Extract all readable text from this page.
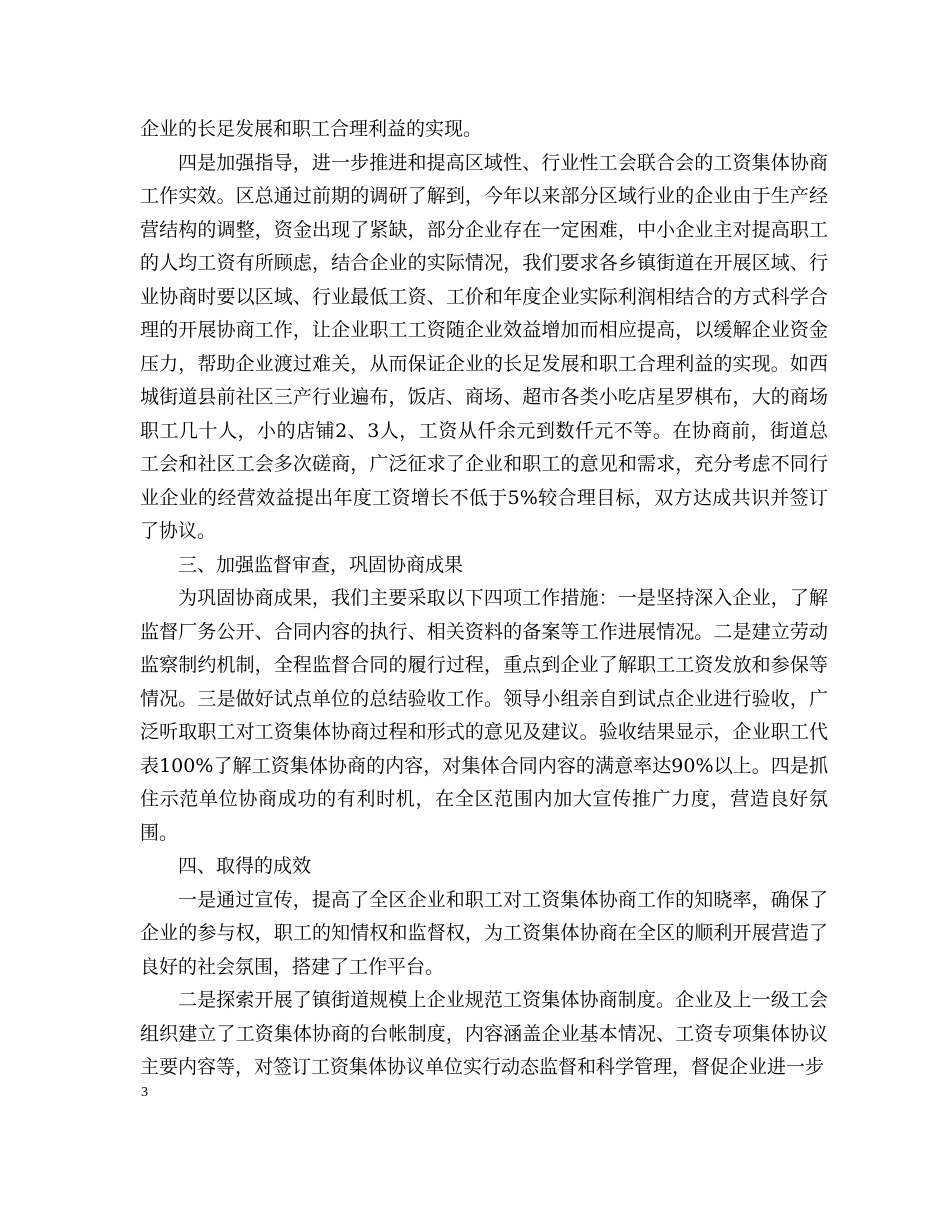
企业的长足发展和职工合理利益的实现。

四是加强指导，进一步推进和提高区域性、行业性工会联合会的工资集体协商工作实效。区总通过前期的调研了解到，今年以来部分区域行业的企业由于生产经营结构的调整，资金出现了紧缺，部分企业存在一定困难，中小企业主对提高职工的人均工资有所顾虑，结合企业的实际情况，我们要求各乡镇街道在开展区域、行业协商时要以区域、行业最低工资、工价和年度企业实际利润相结合的方式科学合理的开展协商工作，让企业职工工资随企业效益增加而相应提高，以缓解企业资金压力，帮助企业渡过难关，从而保证企业的长足发展和职工合理利益的实现。如西城街道县前社区三产行业遍布，饭店、商场、超市各类小吃店星罗棋布，大的商场职工几十人，小的店铺2、3人，工资从仟余元到数仟元不等。在协商前，街道总工会和社区工会多次磋商，广泛征求了企业和职工的意见和需求，充分考虑不同行业企业的经营效益提出年度工资增长不低于5%较合理目标，双方达成共识并签订了协议。

三、加强监督审查，巩固协商成果

为巩固协商成果，我们主要采取以下四项工作措施：一是坚持深入企业，了解监督厂务公开、合同内容的执行、相关资料的备案等工作进展情况。二是建立劳动监察制约机制，全程监督合同的履行过程，重点到企业了解职工工资发放和参保等情况。三是做好试点单位的总结验收工作。领导小组亲自到试点企业进行验收，广泛听取职工对工资集体协商过程和形式的意见及建议。验收结果显示，企业职工代表100%了解工资集体协商的内容，对集体合同内容的满意率达90%以上。四是抓住示范单位协商成功的有利时机，在全区范围内加大宣传推广力度，营造良好氛围。

四、取得的成效

一是通过宣传，提高了全区企业和职工对工资集体协商工作的知晓率，确保了企业的参与权，职工的知情权和监督权，为工资集体协商在全区的顺利开展营造了良好的社会氛围，搭建了工作平台。

二是探索开展了镇街道规模上企业规范工资集体协商制度。企业及上一级工会组织建立了工资集体协商的台帐制度，内容涵盖企业基本情况、工资专项集体协议主要内容等，对签订工资集体协议单位实行动态监督和科学管理，督促企业进一步

3
